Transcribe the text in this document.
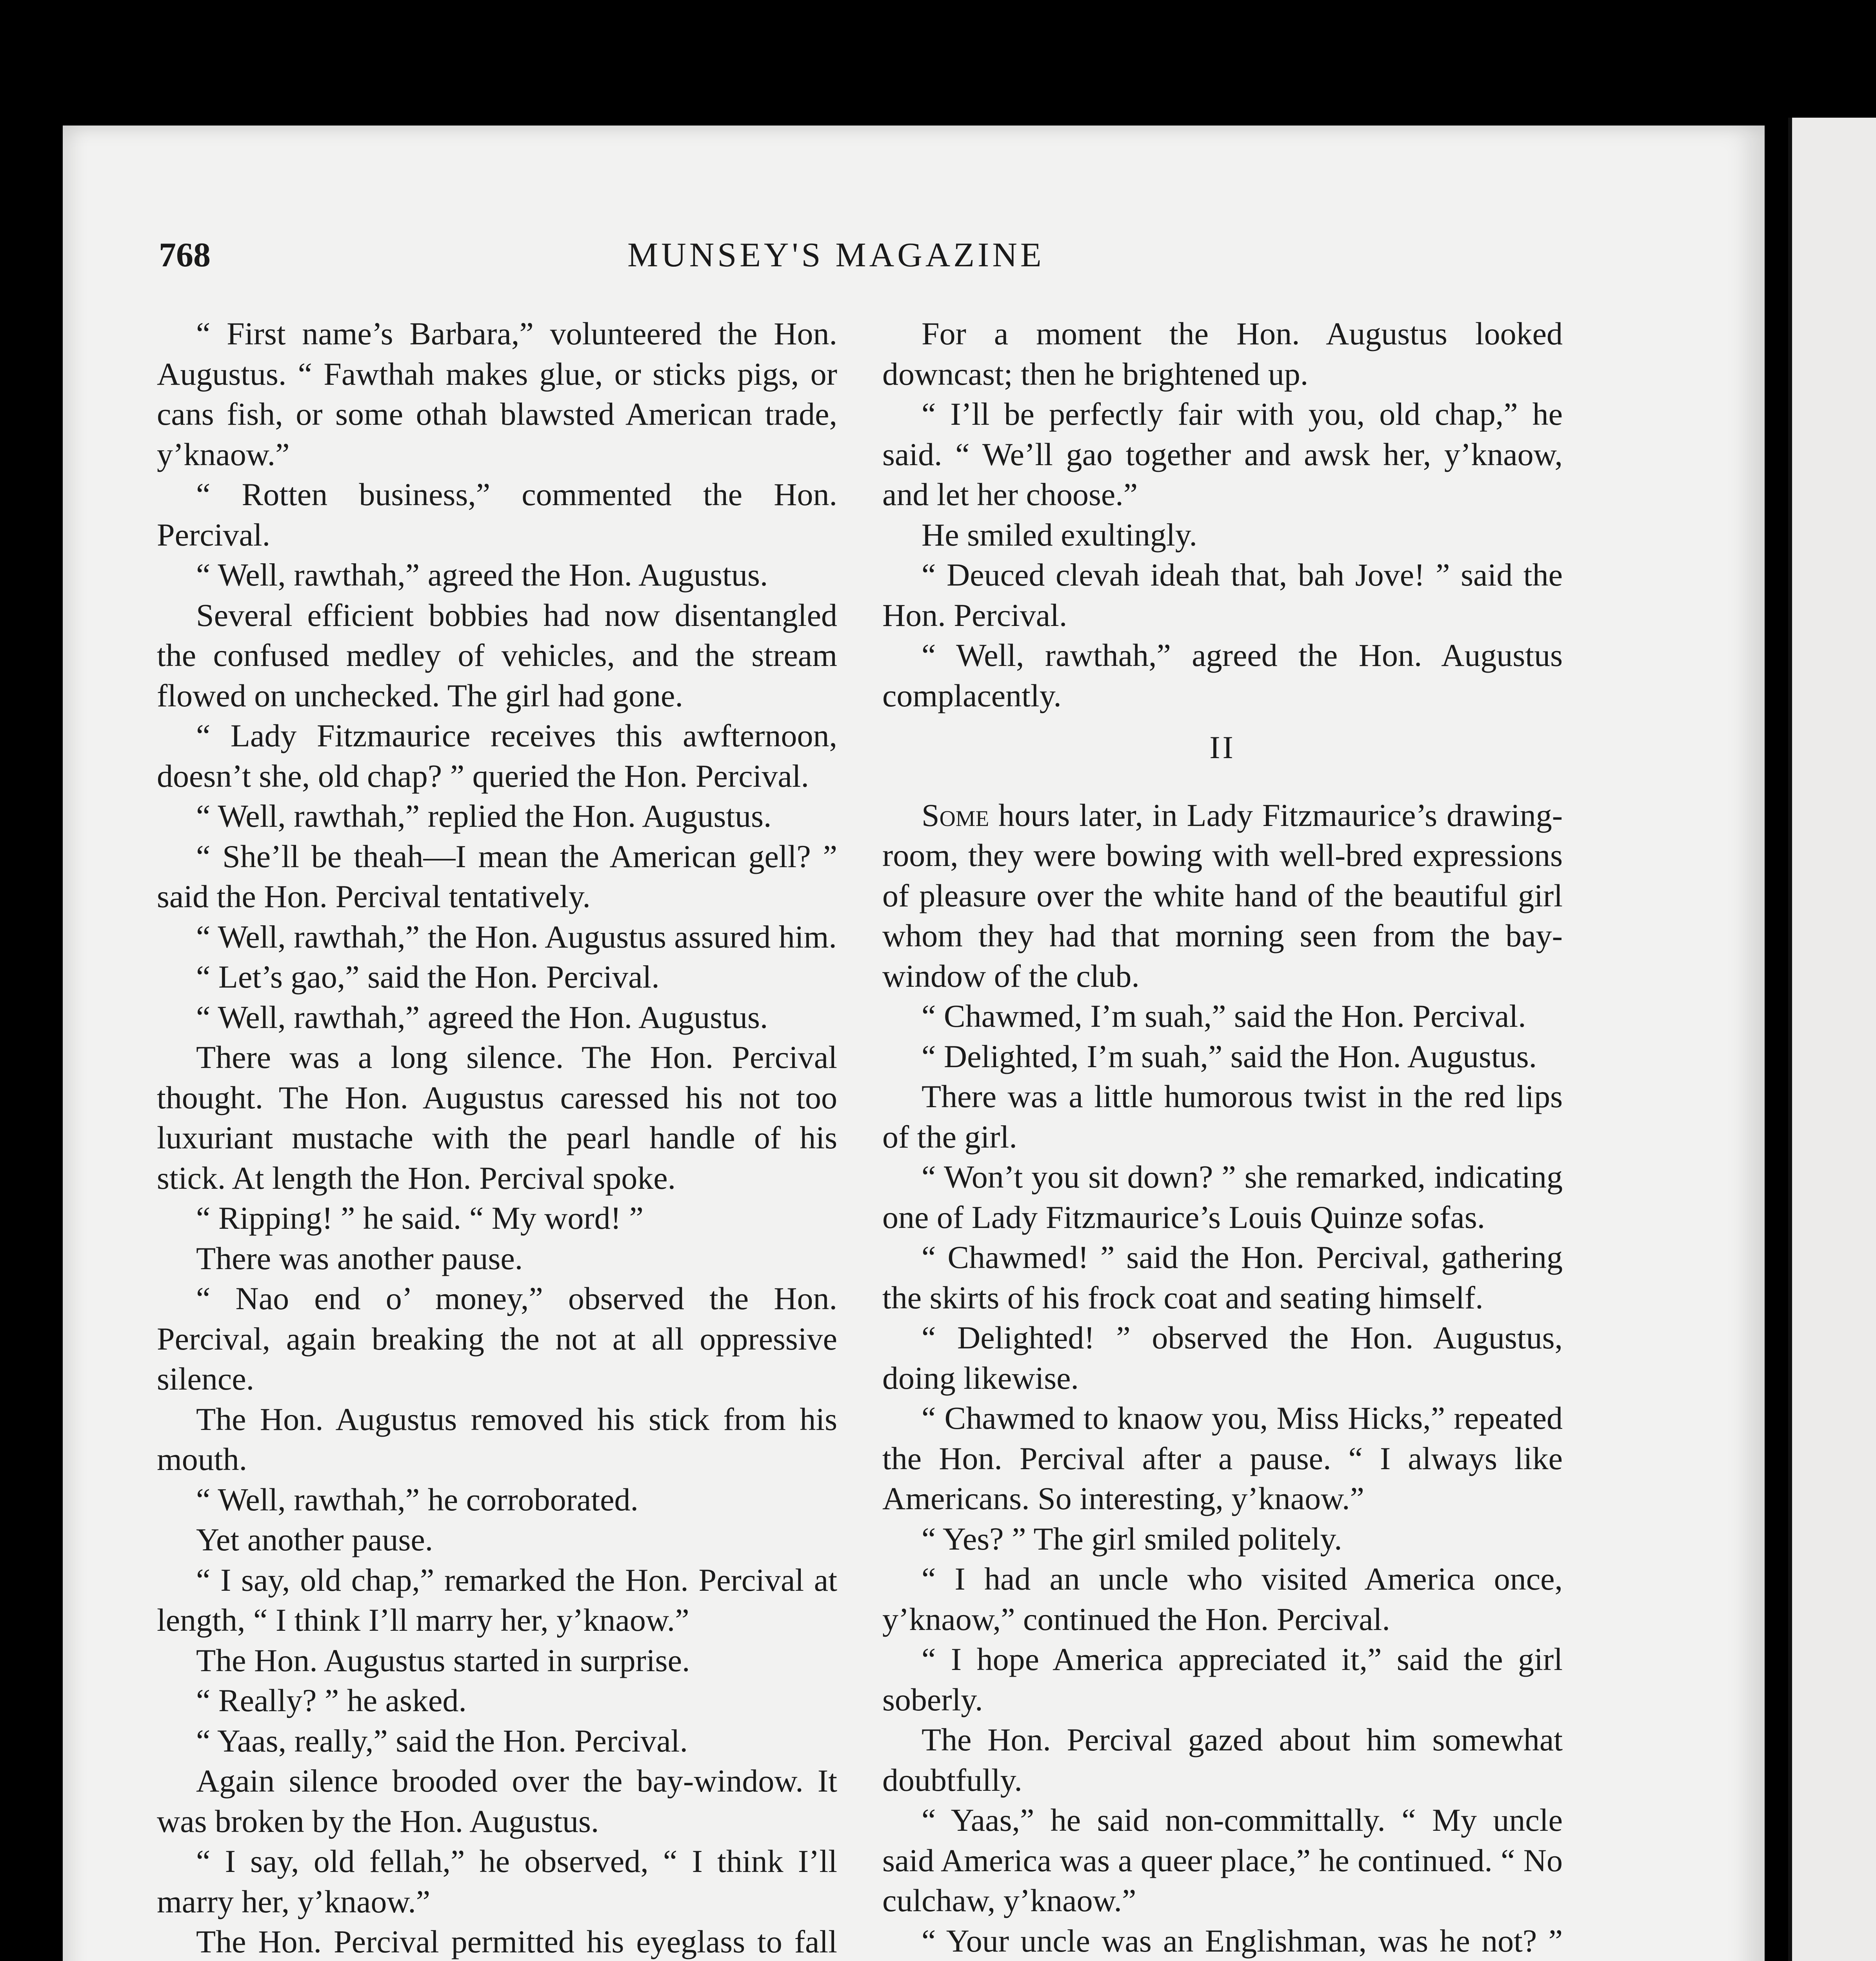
768	MUNSEY'S MAGAZINE

“ First name’s Barbara,” volunteered the Hon. Augustus. “ Fawthah makes glue, or sticks pigs, or cans fish, or some othah blawsted American trade, y’knaow.”

“ Rotten business,” commented the Hon. Percival.

“ Well, rawthah,” agreed the Hon. Augustus.

Several efficient bobbies had now disentangled the confused medley of vehicles, and the stream flowed on unchecked. The girl had gone.

“ Lady Fitzmaurice receives this awfternoon, doesn’t she, old chap? ” queried the Hon. Percival.

“ Well, rawthah,” replied the Hon. Augustus.

“ She’ll be theah—I mean the American gell? ” said the Hon. Percival tentatively.

“ Well, rawthah,” the Hon. Augustus assured him.

“ Let’s gao,” said the Hon. Percival.

“ Well, rawthah,” agreed the Hon. Augustus.

There was a long silence. The Hon. Percival thought. The Hon. Augustus caressed his not too luxuriant mustache with the pearl handle of his stick. At length the Hon. Percival spoke.

“ Ripping! ” he said. “ My word! ”

There was another pause.

“ Nao end o’ money,” observed the Hon. Percival, again breaking the not at all oppressive silence.

The Hon. Augustus removed his stick from his mouth.

“ Well, rawthah,” he corroborated.

Yet another pause.

“ I say, old chap,” remarked the Hon. Percival at length, “ I think I’ll marry her, y’knaow.”

The Hon. Augustus started in surprise.

“ Really? ” he asked.

“ Yaas, really,” said the Hon. Percival.

Again silence brooded over the bay-window. It was broken by the Hon. Augustus.

“ I say, old fellah,” he observed, “ I think I’ll marry her, y’knaow.”

The Hon. Percival permitted his eyeglass to fall

For a moment the Hon. Augustus looked downcast; then he brightened up.

“ I’ll be perfectly fair with you, old chap,” he said. “ We’ll gao together and awsk her, y’knaow, and let her choose.”

He smiled exultingly.

“ Deuced clevah ideah that, bah Jove! ” said the Hon. Percival.

“ Well, rawthah,” agreed the Hon. Augustus complacently.

II

Some hours later, in Lady Fitzmaurice’s drawing-room, they were bowing with well-bred expressions of pleasure over the white hand of the beautiful girl whom they had that morning seen from the bay-window of the club.

“ Chawmed, I’m suah,” said the Hon. Percival.

“ Delighted, I’m suah,” said the Hon. Augustus.

There was a little humorous twist in the red lips of the girl.

“ Won’t you sit down? ” she remarked, indicating one of Lady Fitzmaurice’s Louis Quinze sofas.

“ Chawmed! ” said the Hon. Percival, gathering the skirts of his frock coat and seating himself.

“ Delighted! ” observed the Hon. Augustus, doing likewise.

“ Chawmed to knaow you, Miss Hicks,” repeated the Hon. Percival after a pause. “ I always like Americans. So interesting, y’knaow.”

“ Yes? ” The girl smiled politely.

“ I had an uncle who visited America once, y’knaow,” continued the Hon. Percival.

“ I hope America appreciated it,” said the girl soberly.

The Hon. Percival gazed about him somewhat doubtfully.

“ Yaas,” he said non-committally. “ My uncle said America was a queer place,” he continued. “ No culchaw, y’knaow.”

“ Your uncle was an Englishman, was he not? ”
